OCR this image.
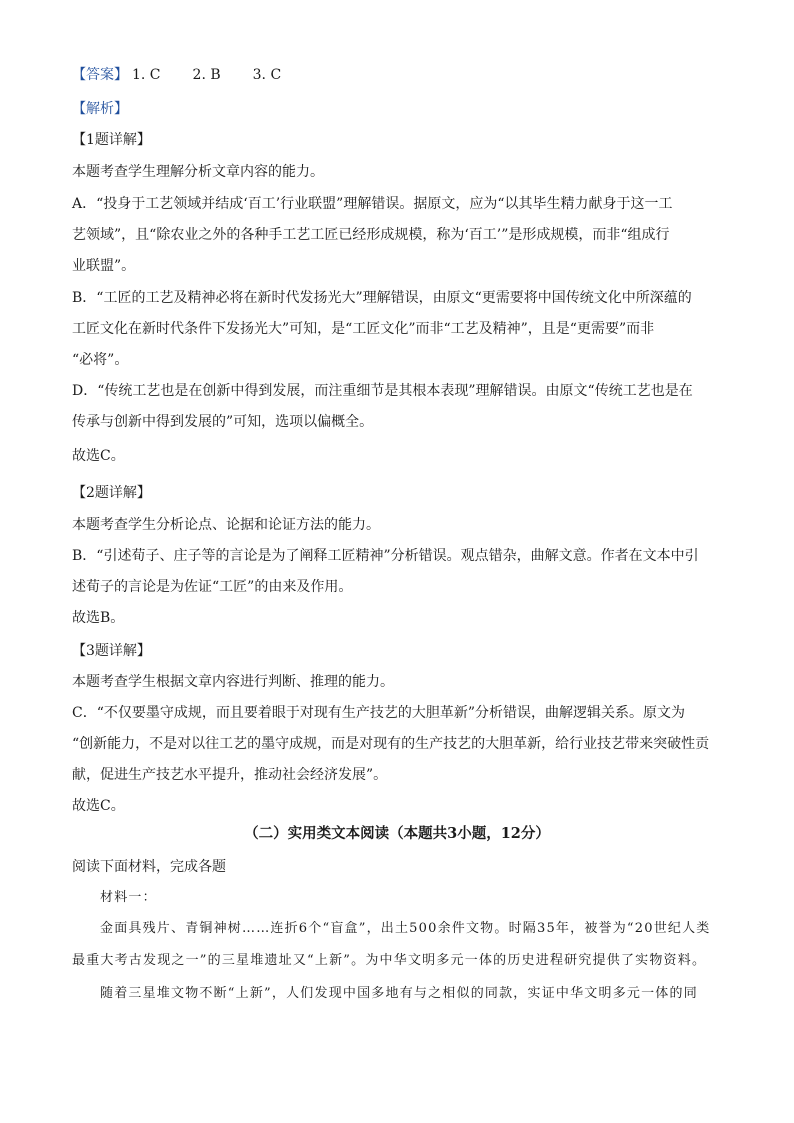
【答案】 1. C 2. B 3. C
【解析】
【1题详解】
本题考查学生理解分析文章内容的能力。
A．“投身于工艺领域并结成‘百工’行业联盟”理解错误。据原文，应为“以其毕生精力献身于这一工
艺领域”，且“除农业之外的各种手工艺工匠已经形成规模，称为‘百工’”是形成规模，而非“组成行
业联盟”。
B．“工匠的工艺及精神必将在新时代发扬光大”理解错误，由原文“更需要将中国传统文化中所深蕴的
工匠文化在新时代条件下发扬光大”可知，是“工匠文化”而非“工艺及精神”，且是“更需要”而非
“必将”。
D．“传统工艺也是在创新中得到发展，而注重细节是其根本表现”理解错误。由原文“传统工艺也是在
传承与创新中得到发展的”可知，选项以偏概全。
故选C。
【2题详解】
本题考查学生分析论点、论据和论证方法的能力。
B．“引述荀子、庄子等的言论是为了阐释工匠精神”分析错误。观点错杂，曲解文意。作者在文本中引
述荀子的言论是为佐证“工匠”的由来及作用。
故选B。
【3题详解】
本题考查学生根据文章内容进行判断、推理的能力。
C．“不仅要墨守成规，而且要着眼于对现有生产技艺的大胆革新”分析错误，曲解逻辑关系。原文为
“创新能力，不是对以往工艺的墨守成规，而是对现有的生产技艺的大胆革新，给行业技艺带来突破性贡
献，促进生产技艺水平提升，推动社会经济发展”。
故选C。
（二）实用类文本阅读（本题共3小题，12分）
阅读下面材料，完成各题
材料一：
金面具残片、青铜神树……连折6个“盲盒”，出土500余件文物。时隔35年，被誉为“20世纪人类
最重大考古发现之一”的三星堆遗址又“上新”。为中华文明多元一体的历史进程研究提供了实物资料。
随着三星堆文物不断“上新”，人们发现中国多地有与之相似的同款，实证中华文明多元一体的同
